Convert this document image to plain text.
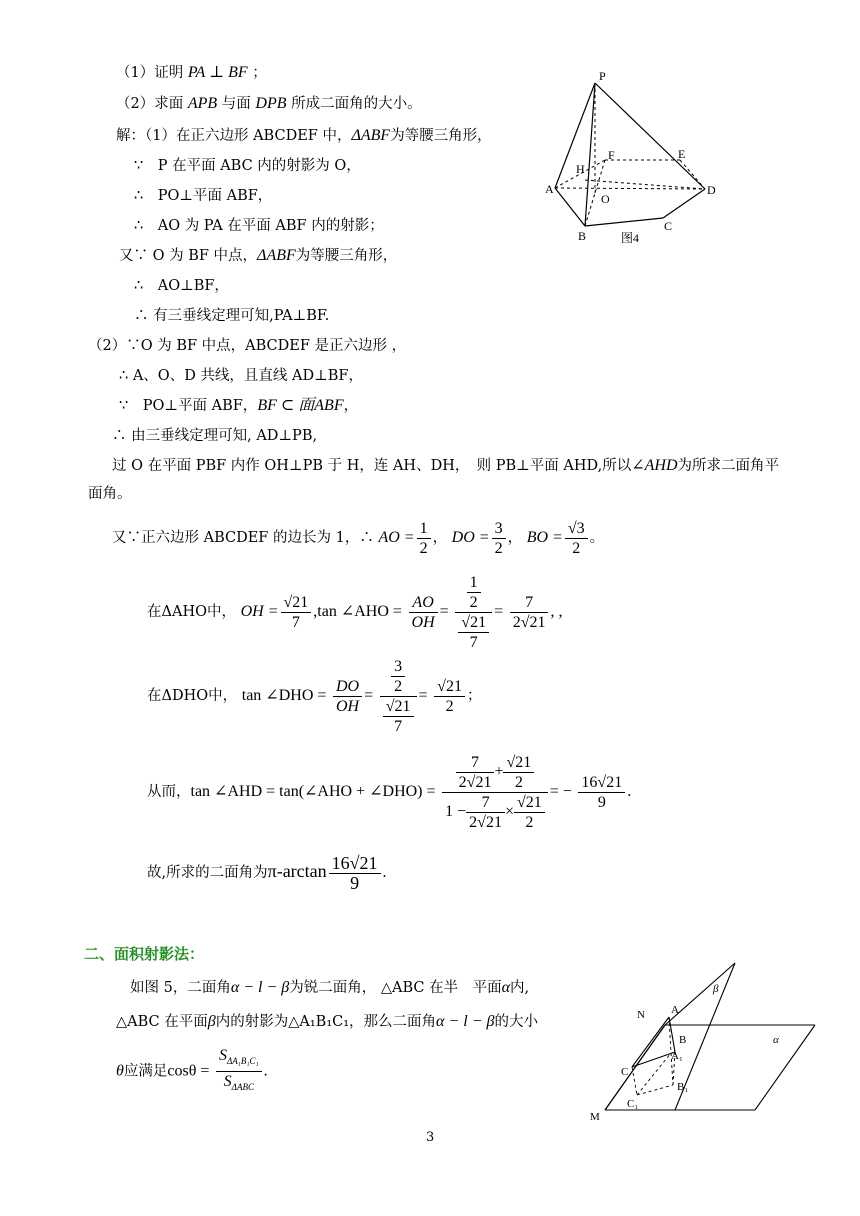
（1）证明 PA ⊥ BF ；
（2）求面 APB 与面 DPB 所成二面角的大小。
解：（1）在正六边形 ABCDEF 中，ΔABF为等腰三角形，
∵　P 在平面 ABC 内的射影为 O，
∴　PO⊥平面 ABF，
∴　AO 为 PA 在平面 ABF 内的射影；
又∵ O 为 BF 中点，ΔABF为等腰三角形，
∴　AO⊥BF，
∴ 有三垂线定理可知,PA⊥BF.
（2）∵O 为 BF 中点，ABCDEF 是正六边形 ，
∴ A、O、D 共线，且直线 AD⊥BF，
∵　PO⊥平面 ABF，BF ⊂ 面ABF，
∴ 由三垂线定理可知, AD⊥PB,
过 O 在平面 PBF 内作 OH⊥PB 于 H，连 AH、DH，　则 PB⊥平面 AHD,所以∠AHD为所求二面角平
面角。
又∵正六边形 ABCDEF 的边长为 1，∴ AO = $\frac{1}{2}$ ， DO = $\frac{3}{2}$ ， BO = $\frac{√3}{2}$ 。
在ΔAHO中， OH = $\frac{√21}{7} ,\tan$ ∠AHO = $\frac{AO}{OH} = \frac{\frac{1}{2}}{\frac{√21}{7}} = \frac{7}{2√21}$ , ,
在ΔDHO中， tan ∠DHO = $\frac{DO}{OH} = \frac{\frac{3}{2}}{\frac{√21}{7}} = \frac{√21}{2}$ ；
从而，tan ∠AHD = tan(∠AHO + ∠DHO) = $\frac{\frac{7}{2√21} + \frac{√21}{2}}{1 - \frac{7}{2√21} \times \frac{√21}{2}}$ = − $\frac{16√21}{9}$ .
故,所求的二面角为$\pi-\arctan \frac{16√21}{9}$ .
二、面积射影法：
如图 5，二面角α − l − β为锐二面角， △ABC 在半　平面α内,
△ABC 在平面β内的射影为△A₁B₁C₁，那么二面角α − l − β的大小
θ应满足$\cos\theta = \frac{S_{\Delta A_1B_1C_1}}{S_{\Delta ABC}}$ .
P
F	E
H
A
O
D
B
C
图4
N A
β
B
A₁
α
C
B₁
C₁
M
3
